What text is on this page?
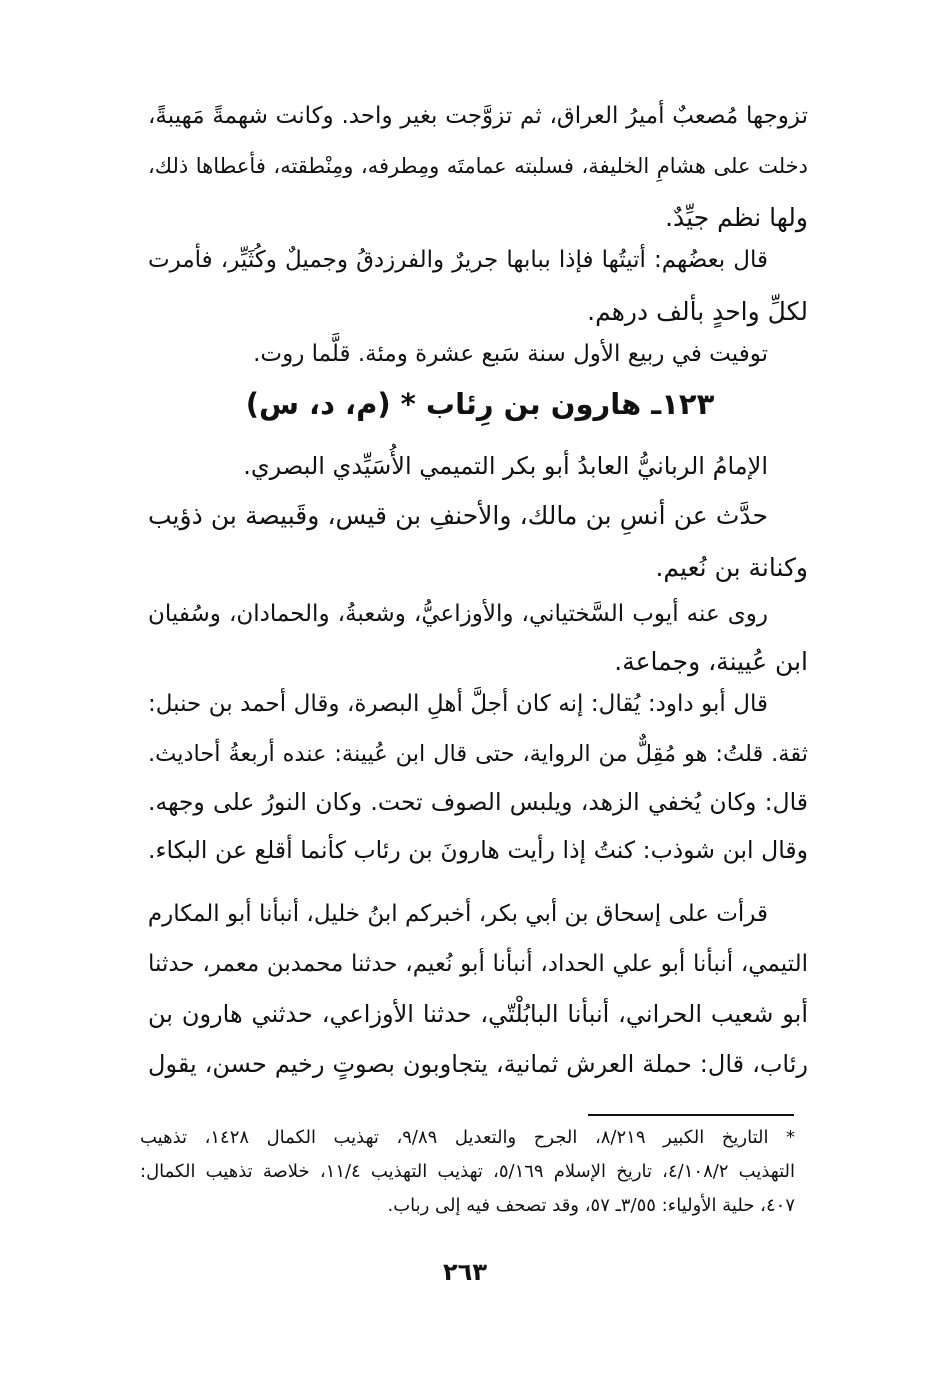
تزوجها مُصعبٌ أميرُ العراق، ثم تزوَّجت بغير واحد. وكانت شهمةً مَهيبةً،
دخلت على هشامِ الخليفة، فسلبته عمامتَه ومِطرفه، ومِنْطقته، فأعطاها ذلك،
ولها نظم جيِّدٌ.
قال بعضُهم: أتيتُها فإذا ببابها جريرٌ والفرزدقُ وجميلٌ وكُثَيِّر، فأمرت
لكلِّ واحدٍ بألف درهم.
توفيت في ربيع الأول سنة سَبع عشرة ومئة. قلَّما روت.
١٢٣ـ هارون بن رِئاب * (م، د، س)
الإمامُ الربانيُّ العابدُ أبو بكر التميمي الأُسَيِّدي البصري.
حدَّث عن أنسِ بن مالك، والأحنفِ بن قيس، وقَبيصة بن ذؤيب
وكنانة بن نُعيم.
روى عنه أيوب السَّختياني، والأوزاعيُّ، وشعبةُ، والحمادان، وسُفيان
ابن عُيينة، وجماعة.
قال أبو داود: يُقال: إنه كان أجلَّ أهلِ البصرة، وقال أحمد بن حنبل:
ثقة. قلتُ: هو مُقِلٌّ من الرواية، حتى قال ابن عُيينة: عنده أربعةُ أحاديث.
قال: وكان يُخفي الزهد، ويلبس الصوف تحت. وكان النورُ على وجهه.
وقال ابن شوذب: كنتُ إذا رأيت هارونَ بن رئاب كأنما أقلع عن البكاء.
قرأت على إسحاق بن أبي بكر، أخبركم ابنُ خليل، أنبأنا أبو المكارم
التيمي، أنبأنا أبو علي الحداد، أنبأنا أبو نُعيم، حدثنا محمدبن معمر، حدثنا
أبو شعيب الحراني، أنبأنا البابُلْتّي، حدثنا الأوزاعي، حدثني هارون بن
رئاب، قال: حملة العرش ثمانية، يتجاوبون بصوتٍ رخيم حسن، يقول
* التاريخ الكبير ٨/٢١٩، الجرح والتعديل ٩/٨٩، تهذيب الكمال ١٤٢٨، تذهيب
التهذيب ٤/١٠٨/٢، تاريخ الإسلام ٥/١٦٩، تهذيب التهذيب ١١/٤، خلاصة تذهيب الكمال:
٤٠٧، حلية الأولياء: ٣/٥٥ـ ٥٧، وقد تصحف فيه إلى رباب.
٢٦٣
